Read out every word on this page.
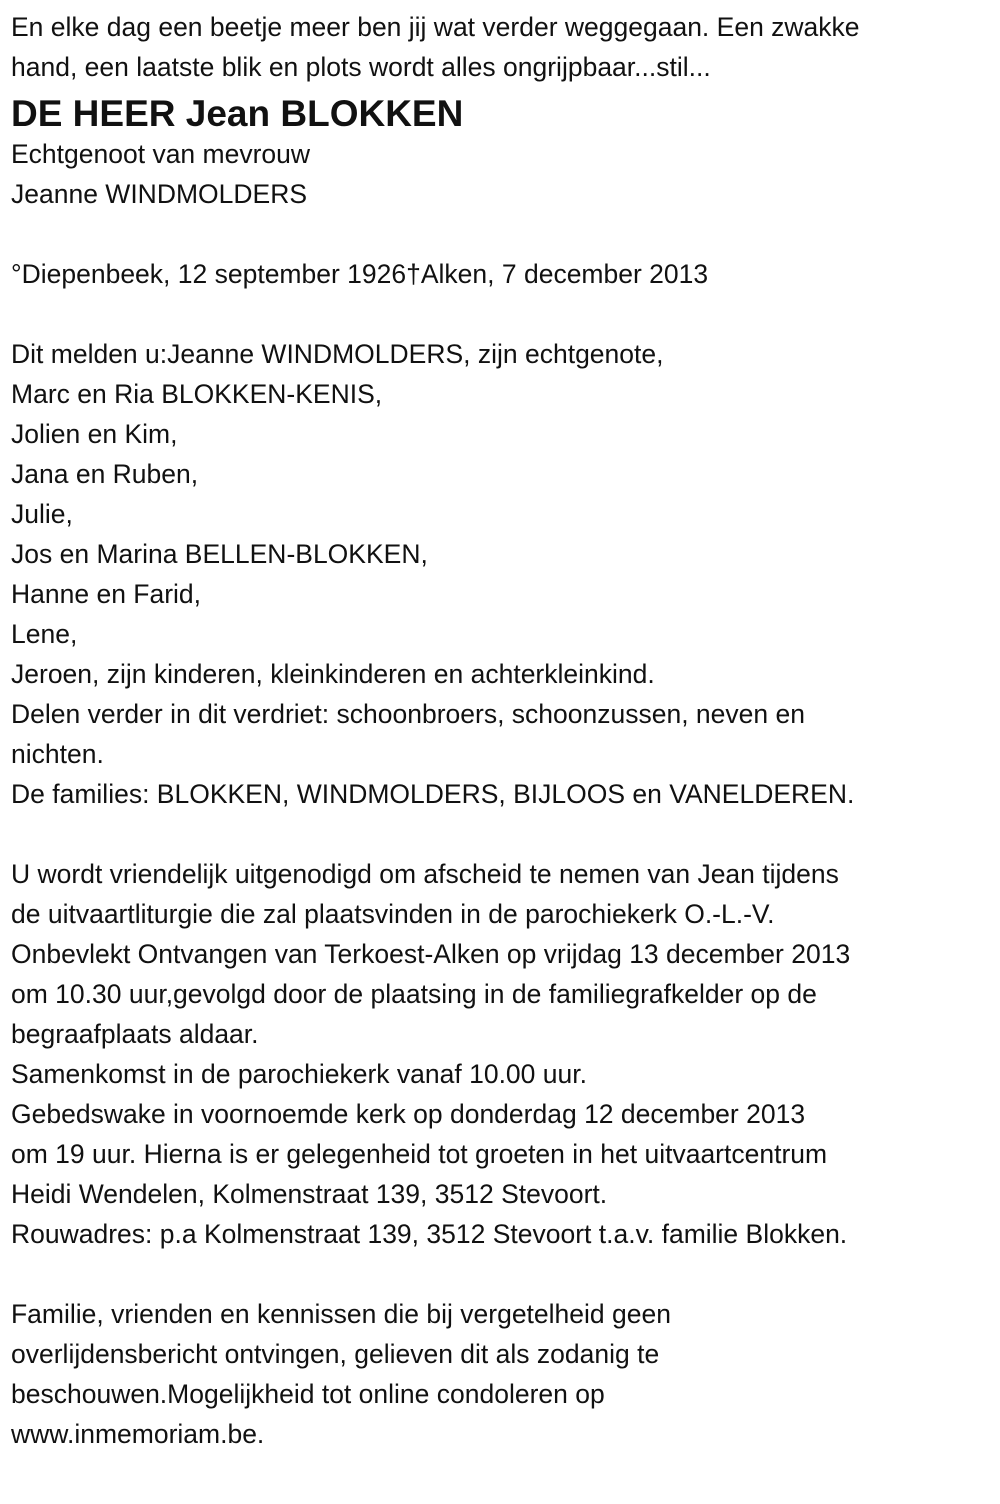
En elke dag een beetje meer ben jij wat verder weggegaan. Een zwakke
hand, een laatste blik en plots wordt alles ongrijpbaar...stil...
DE HEER Jean BLOKKEN
Echtgenoot van mevrouw
Jeanne WINDMOLDERS
°Diepenbeek, 12 september 1926†Alken, 7 december 2013
Dit melden u:Jeanne WINDMOLDERS, zijn echtgenote,
Marc en Ria BLOKKEN-KENIS,
Jolien en Kim,
Jana en Ruben,
Julie,
Jos en Marina BELLEN-BLOKKEN,
Hanne en Farid,
Lene,
Jeroen, zijn kinderen, kleinkinderen en achterkleinkind.
Delen verder in dit verdriet: schoonbroers, schoonzussen, neven en
nichten.
De families: BLOKKEN, WINDMOLDERS, BIJLOOS en VANELDEREN.
U wordt vriendelijk uitgenodigd om afscheid te nemen van Jean tijdens
de uitvaartliturgie die zal plaatsvinden in de parochiekerk O.-L.-V.
Onbevlekt Ontvangen van Terkoest-Alken op vrijdag 13 december 2013
om 10.30 uur,gevolgd door de plaatsing in de familiegrafkelder op de
begraafplaats aldaar.
Samenkomst in de parochiekerk vanaf 10.00 uur.
Gebedswake in voornoemde kerk op donderdag 12 december 2013
om 19 uur. Hierna is er gelegenheid tot groeten in het uitvaartcentrum
Heidi Wendelen, Kolmenstraat 139, 3512 Stevoort.
Rouwadres: p.a Kolmenstraat 139, 3512 Stevoort t.a.v. familie Blokken.
Familie, vrienden en kennissen die bij vergetelheid geen
overlijdensbericht ontvingen, gelieven dit als zodanig te
beschouwen.Mogelijkheid tot online condoleren op
www.inmemoriam.be.
